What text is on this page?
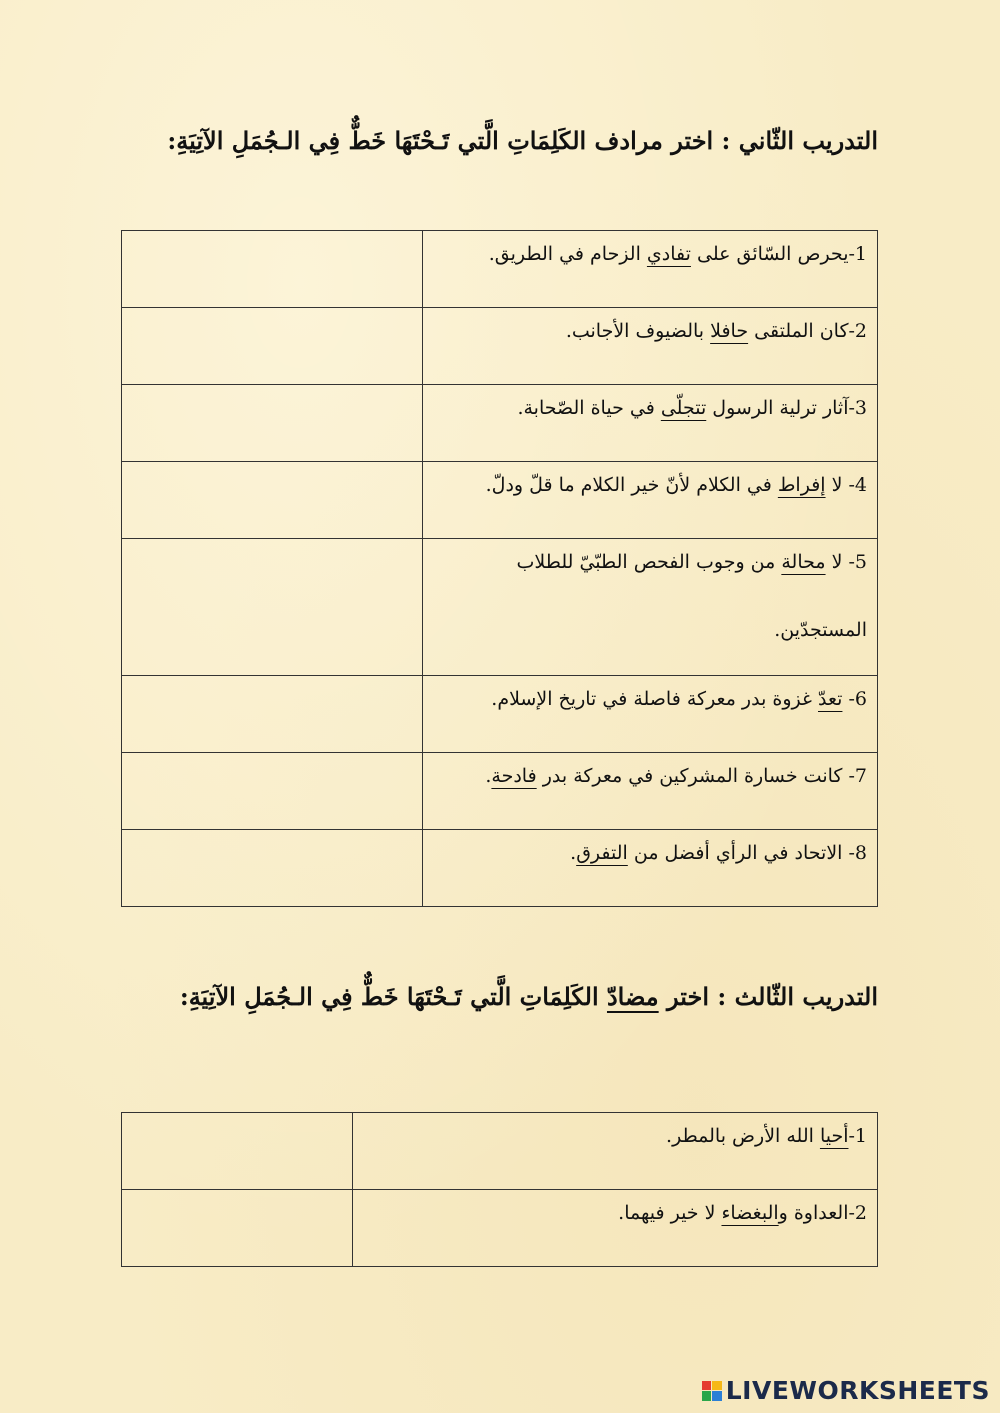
التدريب الثّاني : اختر مرادف الكَلِمَاتِ الَّتي تَـحْتَهَا خَطٌّ فِي الـجُمَلِ الآتِيَةِ:
1-يحرص السّائق على تفادي الزحام في الطريق.	
2-كان الملتقى حافلا بالضيوف الأجانب.	
3-آثار ترلية الرسول تتجلّى في حياة الصّحابة.	
4- لا إفراط في الكلام لأنّ خير الكلام ما قلّ ودلّ.	
5- لا محالة من وجوب الفحص الطبّيّ للطلاب
المستجدّين.	

6- تعدّ غزوة بدر معركة فاصلة في تاريخ الإسلام.	
7- كانت خسارة المشركين في معركة بدر فادحة.	
8- الاتحاد في الرأي أفضل من التفرق.	
التدريب الثّالث : اختر مضادّ الكَلِمَاتِ الَّتي تَـحْتَهَا خَطٌّ فِي الـجُمَلِ الآتِيَةِ:
1-أحيا الله الأرض بالمطر.	
2-العداوة والبغضاء لا خير فيهما.	
LIVEWORKSHEETS
